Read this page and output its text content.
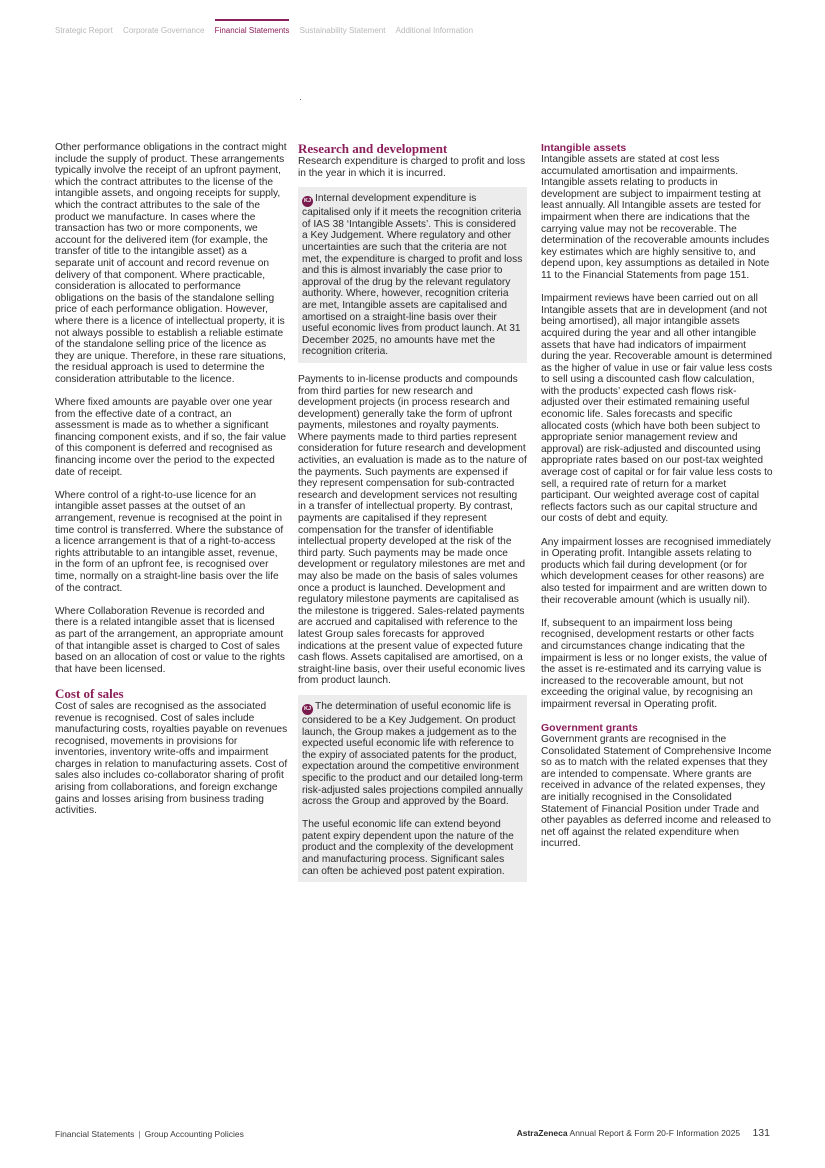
Strategic Report Corporate Governance Financial Statements Sustainability Statement Additional Information

Other performance obligations in the contract might include the supply of product. These arrangements typically involve the receipt of an upfront payment, which the contract attributes to the license of the intangible assets, and ongoing receipts for supply, which the contract attributes to the sale of the product we manufacture. In cases where the transaction has two or more components, we account for the delivered item (for example, the transfer of title to the intangible asset) as a separate unit of account and record revenue on delivery of that component. Where practicable, consideration is allocated to performance obligations on the basis of the standalone selling price of each performance obligation. However, where there is a licence of intellectual property, it is not always possible to establish a reliable estimate of the standalone selling price of the licence as they are unique. Therefore, in these rare situations, the residual approach is used to determine the consideration attributable to the licence.

Where fixed amounts are payable over one year from the effective date of a contract, an assessment is made as to whether a significant financing component exists, and if so, the fair value of this component is deferred and recognised as financing income over the period to the expected date of receipt.

Where control of a right-to-use licence for an intangible asset passes at the outset of an arrangement, revenue is recognised at the point in time control is transferred. Where the substance of a licence arrangement is that of a right-to-access rights attributable to an intangible asset, revenue, in the form of an upfront fee, is recognised over time, normally on a straight-line basis over the life of the contract.

Where Collaboration Revenue is recorded and there is a related intangible asset that is licensed as part of the arrangement, an appropriate amount of that intangible asset is charged to Cost of sales based on an allocation of cost or value to the rights that have been licensed.

Cost of sales

Cost of sales are recognised as the associated revenue is recognised. Cost of sales include manufacturing costs, royalties payable on revenues recognised, movements in provisions for inventories, inventory write-offs and impairment charges in relation to manufacturing assets. Cost of sales also includes co-collaborator sharing of profit arising from collaborations, and foreign exchange gains and losses arising from business trading activities.

Research and development

Research expenditure is charged to profit and loss in the year in which it is incurred.

KJ Internal development expenditure is capitalised only if it meets the recognition criteria of IAS 38 ‘Intangible Assets’. This is considered a Key Judgement. Where regulatory and other uncertainties are such that the criteria are not met, the expenditure is charged to profit and loss and this is almost invariably the case prior to approval of the drug by the relevant regulatory authority. Where, however, recognition criteria are met, Intangible assets are capitalised and amortised on a straight-line basis over their useful economic lives from product launch. At 31 December 2025, no amounts have met the recognition criteria.

Payments to in-license products and compounds from third parties for new research and development projects (in process research and development) generally take the form of upfront payments, milestones and royalty payments. Where payments made to third parties represent consideration for future research and development activities, an evaluation is made as to the nature of the payments. Such payments are expensed if they represent compensation for sub-contracted research and development services not resulting in a transfer of intellectual property. By contrast, payments are capitalised if they represent compensation for the transfer of identifiable intellectual property developed at the risk of the third party. Such payments may be made once development or regulatory milestones are met and may also be made on the basis of sales volumes once a product is launched. Development and regulatory milestone payments are capitalised as the milestone is triggered. Sales-related payments are accrued and capitalised with reference to the latest Group sales forecasts for approved indications at the present value of expected future cash flows. Assets capitalised are amortised, on a straight-line basis, over their useful economic lives from product launch.

KJ The determination of useful economic life is considered to be a Key Judgement. On product launch, the Group makes a judgement as to the expected useful economic life with reference to the expiry of associated patents for the product, expectation around the competitive environment specific to the product and our detailed long-term risk-adjusted sales projections compiled annually across the Group and approved by the Board.

The useful economic life can extend beyond patent expiry dependent upon the nature of the product and the complexity of the development and manufacturing process. Significant sales can often be achieved post patent expiration.

Intangible assets

Intangible assets are stated at cost less accumulated amortisation and impairments. Intangible assets relating to products in development are subject to impairment testing at least annually. All Intangible assets are tested for impairment when there are indications that the carrying value may not be recoverable. The determination of the recoverable amounts includes key estimates which are highly sensitive to, and depend upon, key assumptions as detailed in Note 11 to the Financial Statements from page 151.

Impairment reviews have been carried out on all Intangible assets that are in development (and not being amortised), all major intangible assets acquired during the year and all other intangible assets that have had indicators of impairment during the year. Recoverable amount is determined as the higher of value in use or fair value less costs to sell using a discounted cash flow calculation, with the products’ expected cash flows risk-adjusted over their estimated remaining useful economic life. Sales forecasts and specific allocated costs (which have both been subject to appropriate senior management review and approval) are risk-adjusted and discounted using appropriate rates based on our post-tax weighted average cost of capital or for fair value less costs to sell, a required rate of return for a market participant. Our weighted average cost of capital reflects factors such as our capital structure and our costs of debt and equity.

Any impairment losses are recognised immediately in Operating profit. Intangible assets relating to products which fail during development (or for which development ceases for other reasons) are also tested for impairment and are written down to their recoverable amount (which is usually nil).

If, subsequent to an impairment loss being recognised, development restarts or other facts and circumstances change indicating that the impairment is less or no longer exists, the value of the asset is re-estimated and its carrying value is increased to the recoverable amount, but not exceeding the original value, by recognising an impairment reversal in Operating profit.

Government grants

Government grants are recognised in the Consolidated Statement of Comprehensive Income so as to match with the related expenses that they are intended to compensate. Where grants are received in advance of the related expenses, they are initially recognised in the Consolidated Statement of Financial Position under Trade and other payables as deferred income and released to net off against the related expenditure when incurred.

Financial Statements | Group Accounting Policies	AstraZeneca Annual Report & Form 20-F Information 2025 131
